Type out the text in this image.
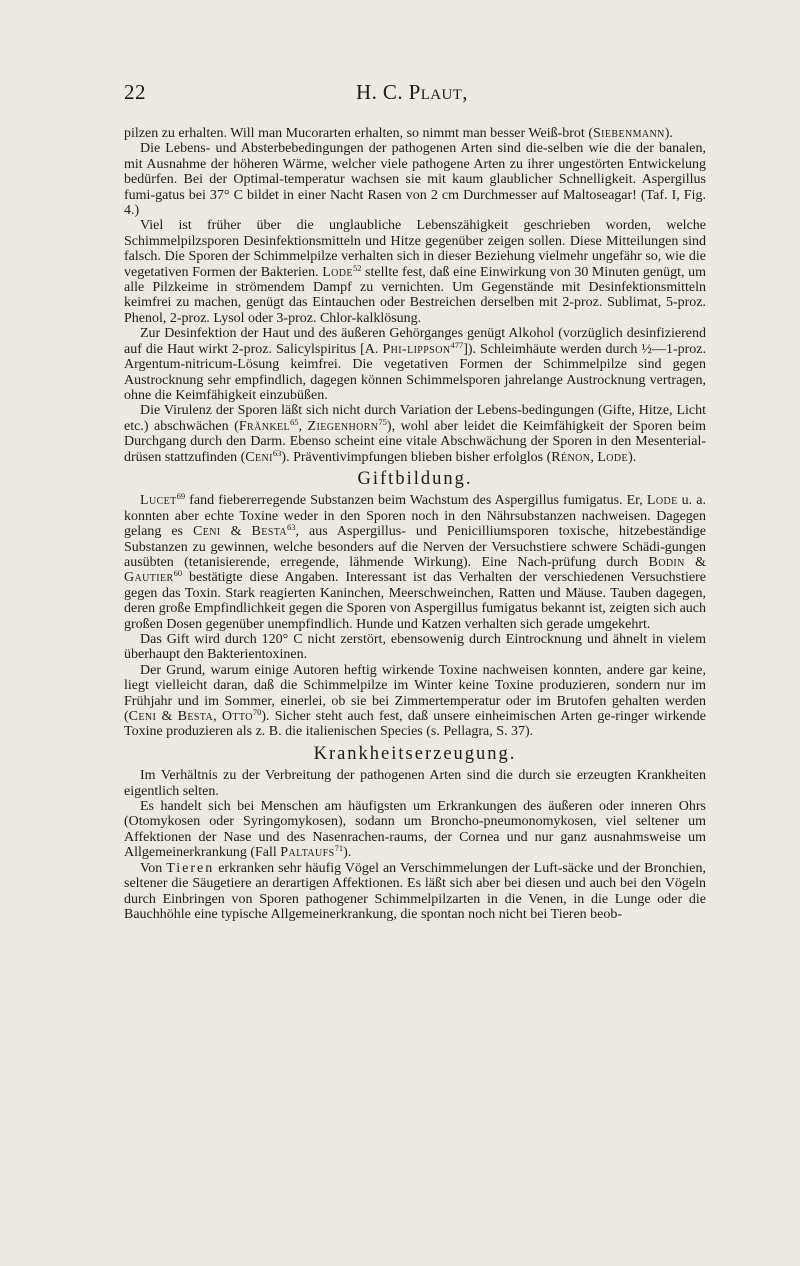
22	H. C. Plaut,

pilzen zu erhalten. Will man Mucorarten erhalten, so nimmt man besser Weiß-brot (Siebenmann).

Die Lebens- und Absterbebedingungen der pathogenen Arten sind die-selben wie die der banalen, mit Ausnahme der höheren Wärme, welcher viele pathogene Arten zu ihrer ungestörten Entwickelung bedürfen. Bei der Optimal-temperatur wachsen sie mit kaum glaublicher Schnelligkeit. Aspergillus fumi-gatus bei 37° C bildet in einer Nacht Rasen von 2 cm Durchmesser auf Maltoseagar! (Taf. I, Fig. 4.)

Viel ist früher über die unglaubliche Lebenszähigkeit geschrieben worden, welche Schimmelpilzsporen Desinfektionsmitteln und Hitze gegenüber zeigen sollen. Diese Mitteilungen sind falsch. Die Sporen der Schimmelpilze verhalten sich in dieser Beziehung vielmehr ungefähr so, wie die vegetativen Formen der Bakterien. Lode$^{52}$ stellte fest, daß eine Einwirkung von 30 Minuten genügt, um alle Pilzkeime in strömendem Dampf zu vernichten. Um Gegenstände mit Desinfektionsmitteln keimfrei zu machen, genügt das Eintauchen oder Bestreichen derselben mit 2-proz. Sublimat, 5-proz. Phenol, 2-proz. Lysol oder 3-proz. Chlor-kalklösung.

Zur Desinfektion der Haut und des äußeren Gehörganges genügt Alkohol (vorzüglich desinfizierend auf die Haut wirkt 2-proz. Salicylspiritus [A. Phi-lippson$^{477}$]). Schleimhäute werden durch ½—1-proz. Argentum-nitricum-Lösung keimfrei. Die vegetativen Formen der Schimmelpilze sind gegen Austrocknung sehr empfindlich, dagegen können Schimmelsporen jahrelange Austrocknung vertragen, ohne die Keimfähigkeit einzubüßen.

Die Virulenz der Sporen läßt sich nicht durch Variation der Lebens-bedingungen (Gifte, Hitze, Licht etc.) abschwächen (Fränkel$^{65}$, Ziegenhorn$^{75}$), wohl aber leidet die Keimfähigkeit der Sporen beim Durchgang durch den Darm. Ebenso scheint eine vitale Abschwächung der Sporen in den Mesenterial-drüsen stattzufinden (Ceni$^{63}$). Präventivimpfungen blieben bisher erfolglos (Rénon, Lode).

Giftbildung.

Lucet$^{69}$ fand fiebererregende Substanzen beim Wachstum des Aspergillus fumigatus. Er, Lode u. a. konnten aber echte Toxine weder in den Sporen noch in den Nährsubstanzen nachweisen. Dagegen gelang es Ceni & Besta$^{63}$, aus Aspergillus- und Penicilliumsporen toxische, hitzebeständige Substanzen zu gewinnen, welche besonders auf die Nerven der Versuchstiere schwere Schädi-gungen ausübten (tetanisierende, erregende, lähmende Wirkung). Eine Nach-prüfung durch Bodin & Gautier$^{60}$ bestätigte diese Angaben. Interessant ist das Verhalten der verschiedenen Versuchstiere gegen das Toxin. Stark reagierten Kaninchen, Meerschweinchen, Ratten und Mäuse. Tauben dagegen, deren große Empfindlichkeit gegen die Sporen von Aspergillus fumigatus bekannt ist, zeigten sich auch großen Dosen gegenüber unempfindlich. Hunde und Katzen verhalten sich gerade umgekehrt.

Das Gift wird durch 120° C nicht zerstört, ebensowenig durch Eintrocknung und ähnelt in vielem überhaupt den Bakterientoxinen.

Der Grund, warum einige Autoren heftig wirkende Toxine nachweisen konnten, andere gar keine, liegt vielleicht daran, daß die Schimmelpilze im Winter keine Toxine produzieren, sondern nur im Frühjahr und im Sommer, einerlei, ob sie bei Zimmertemperatur oder im Brutofen gehalten werden (Ceni & Besta, Otto$^{70}$). Sicher steht auch fest, daß unsere einheimischen Arten ge-ringer wirkende Toxine produzieren als z. B. die italienischen Species (s. Pellagra, S. 37).

Krankheitserzeugung.

Im Verhältnis zu der Verbreitung der pathogenen Arten sind die durch sie erzeugten Krankheiten eigentlich selten.

Es handelt sich bei Menschen am häufigsten um Erkrankungen des äußeren oder inneren Ohrs (Otomykosen oder Syringomykosen), sodann um Broncho-pneumonomykosen, viel seltener um Affektionen der Nase und des Nasenrachen-raums, der Cornea und nur ganz ausnahmsweise um Allgemeinerkrankung (Fall Paltaufs$^{71}$).

Von Tieren erkranken sehr häufig Vögel an Verschimmelungen der Luft-säcke und der Bronchien, seltener die Säugetiere an derartigen Affektionen. Es läßt sich aber bei diesen und auch bei den Vögeln durch Einbringen von Sporen pathogener Schimmelpilzarten in die Venen, in die Lunge oder die Bauchhöhle eine typische Allgemeinerkrankung, die spontan noch nicht bei Tieren beob-
